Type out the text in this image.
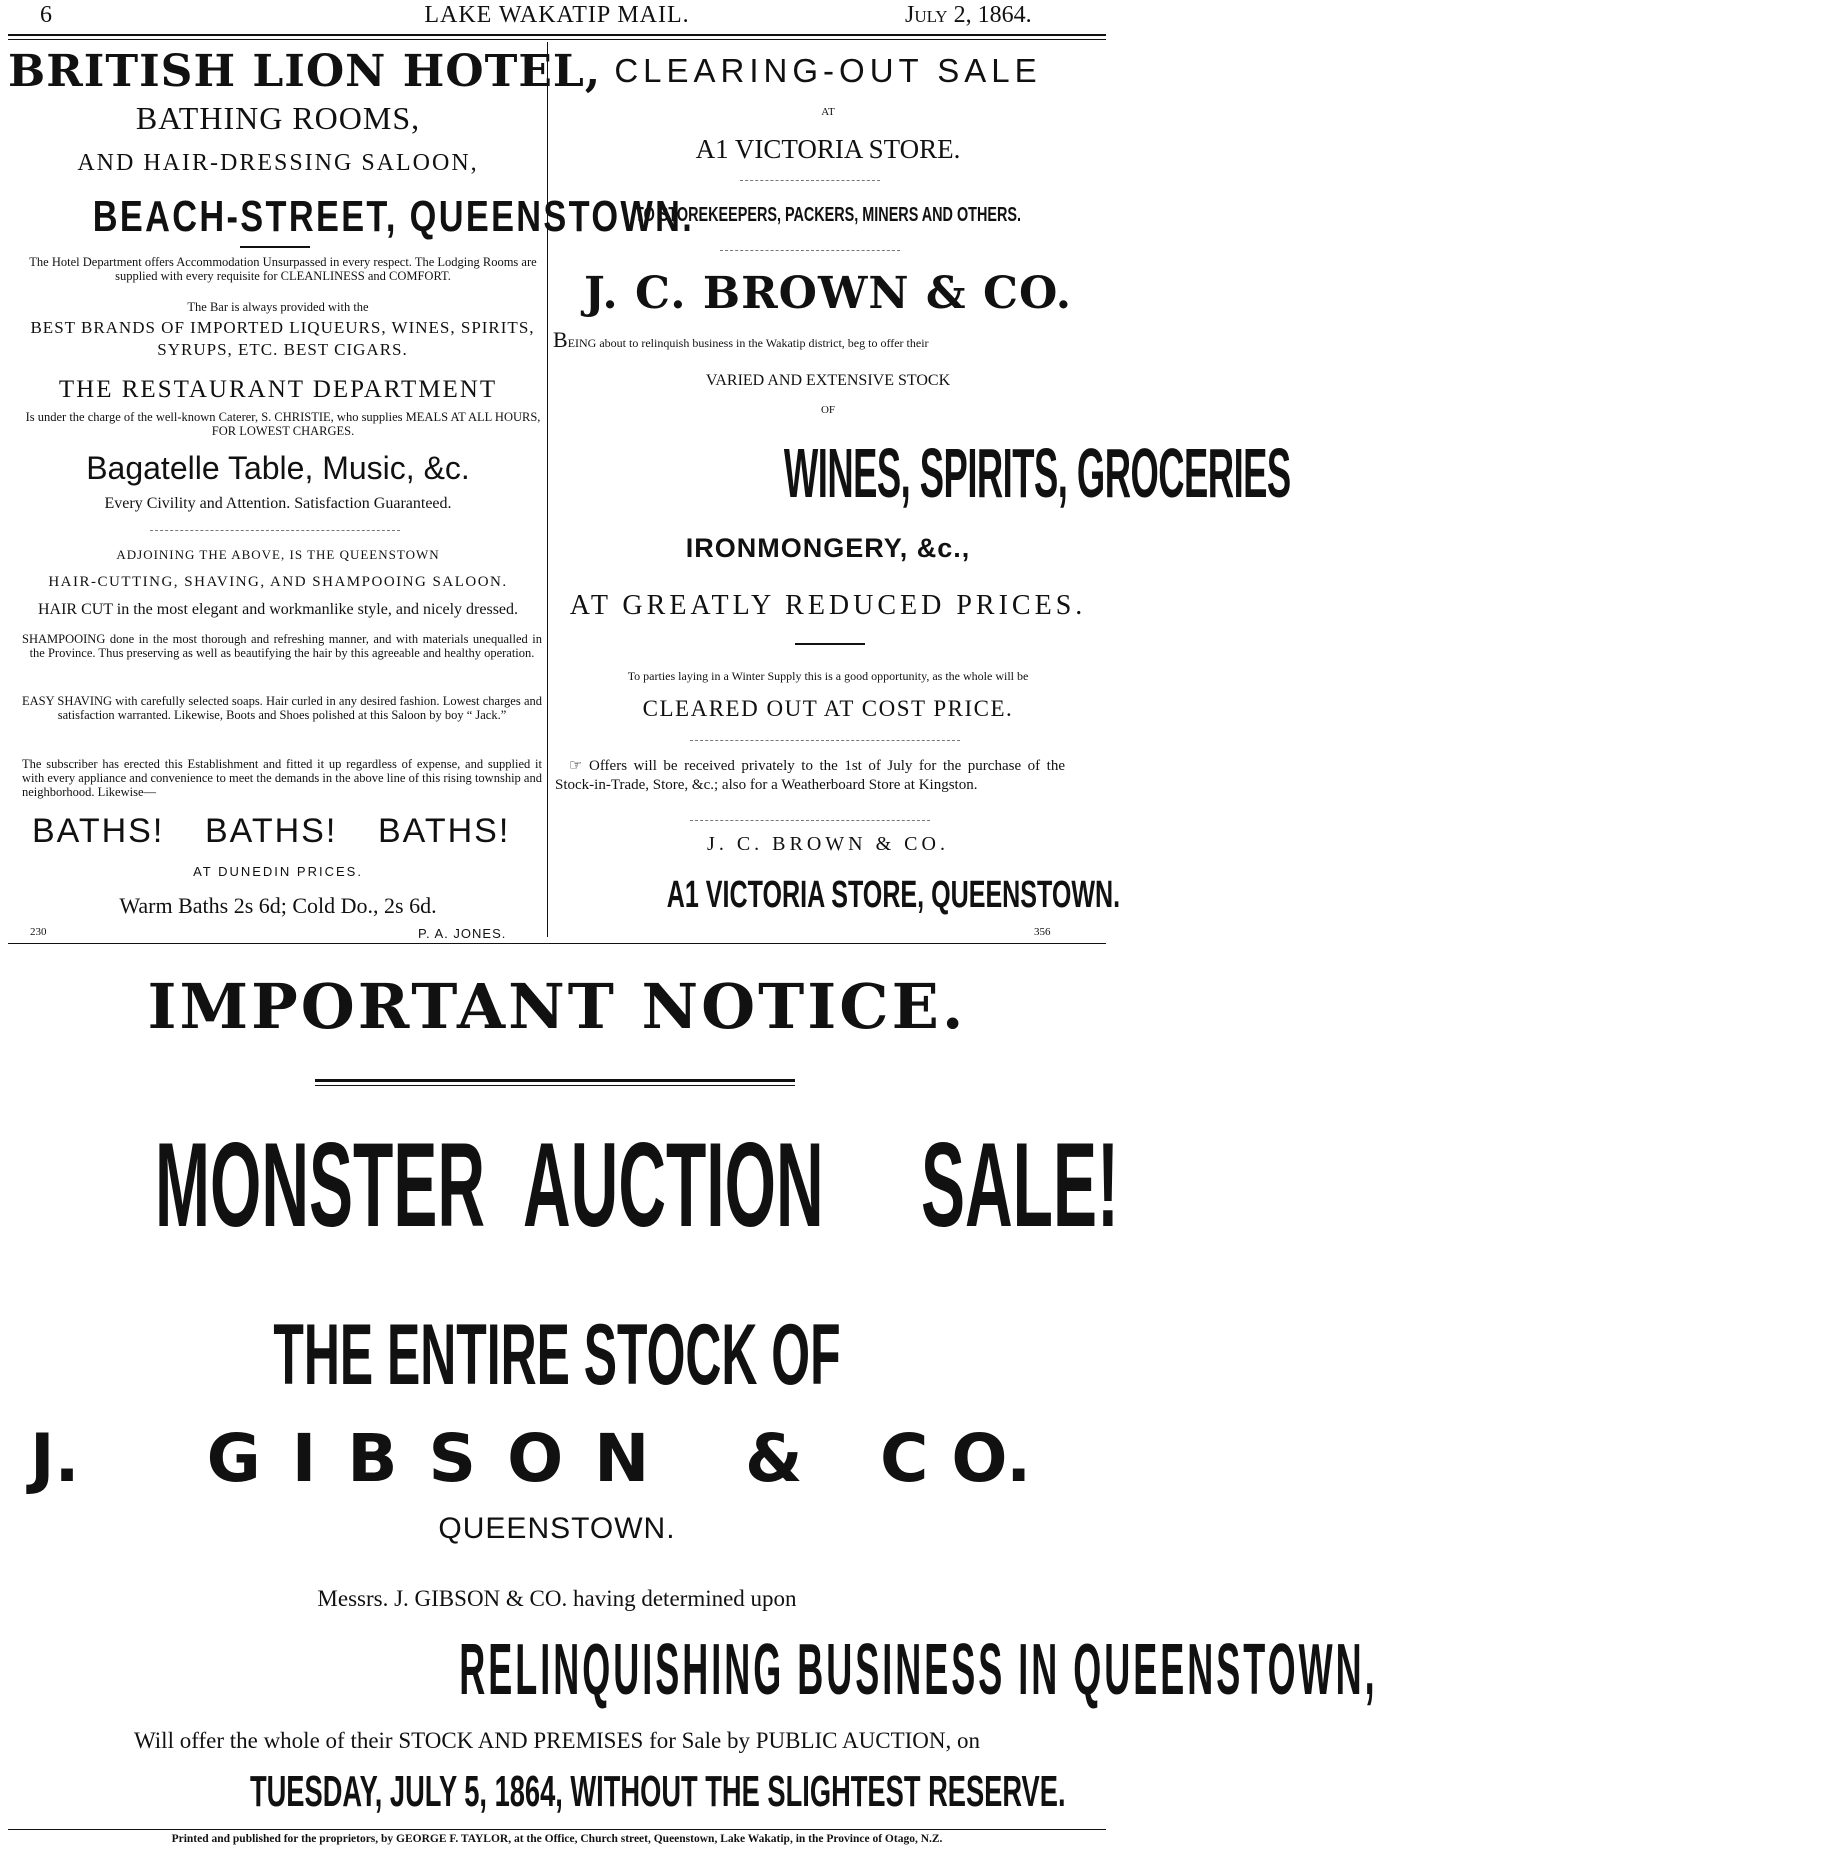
6	LAKE WAKATIP MAIL.	July 2, 1864.
BRITISH LION HOTEL,
BATHING ROOMS,
AND HAIR-DRESSING SALOON,
BEACH-STREET, QUEENSTOWN.
The Hotel Department offers Accommodation Unsurpassed in every respect. The Lodging Rooms are supplied with every requisite for CLEANLINESS and COMFORT.
The Bar is always provided with the
BEST BRANDS OF IMPORTED LIQUEURS, WINES, SPIRITS, SYRUPS, ETC. BEST CIGARS.
THE RESTAURANT DEPARTMENT
Is under the charge of the well-known Caterer, S. CHRISTIE, who supplies MEALS AT ALL HOURS, FOR LOWEST CHARGES.
Bagatelle Table, Music, &c.
Every Civility and Attention. Satisfaction Guaranteed.
ADJOINING THE ABOVE, IS THE QUEENSTOWN
HAIR-CUTTING, SHAVING, AND SHAMPOOING SALOON.
HAIR CUT in the most elegant and workmanlike style, and nicely dressed.
SHAMPOOING done in the most thorough and refreshing manner, and with materials unequalled in the Province. Thus preserving as well as beautifying the hair by this agreeable and healthy operation.
EASY SHAVING with carefully selected soaps. Hair curled in any desired fashion. Lowest charges and satisfaction warranted. Likewise, Boots and Shoes polished at this Saloon by boy “ Jack.”
The subscriber has erected this Establishment and fitted it up regardless of expense, and supplied it with every appliance and convenience to meet the demands in the above line of this rising township and neighborhood. Likewise—
BATHS! BATHS! BATHS!
AT DUNEDIN PRICES.
Warm Baths 2s 6d; Cold Do., 2s 6d.
230	P. A. JONES.
CLEARING-OUT SALE
AT
A1 VICTORIA STORE.
TO STOREKEEPERS, PACKERS, MINERS AND OTHERS.
J. C. BROWN & CO.
BEING about to relinquish business in the Wakatip district, beg to offer their
VARIED AND EXTENSIVE STOCK
OF
WINES, SPIRITS, GROCERIES
IRONMONGERY, &c.,
AT GREATLY REDUCED PRICES.
To parties laying in a Winter Supply this is a good opportunity, as the whole will be
CLEARED OUT AT COST PRICE.
☞ Offers will be received privately to the 1st of July for the purchase of the Stock-in-Trade, Store, &c.; also for a Weatherboard Store at Kingston.
J. C. BROWN & CO.
A1 VICTORIA STORE, QUEENSTOWN.
356
IMPORTANT NOTICE.
MONSTER AUCTION SALE!
THE ENTIRE STOCK OF
J. G I B S O N & C O.
QUEENSTOWN.
Messrs. J. GIBSON & CO. having determined upon
RELINQUISHING BUSINESS IN QUEENSTOWN,
Will offer the whole of their STOCK AND PREMISES for Sale by PUBLIC AUCTION, on
TUESDAY, JULY 5, 1864, WITHOUT THE SLIGHTEST RESERVE.
Printed and published for the proprietors, by GEORGE F. TAYLOR, at the Office, Church street, Queenstown, Lake Wakatip, in the Province of Otago, N.Z.
